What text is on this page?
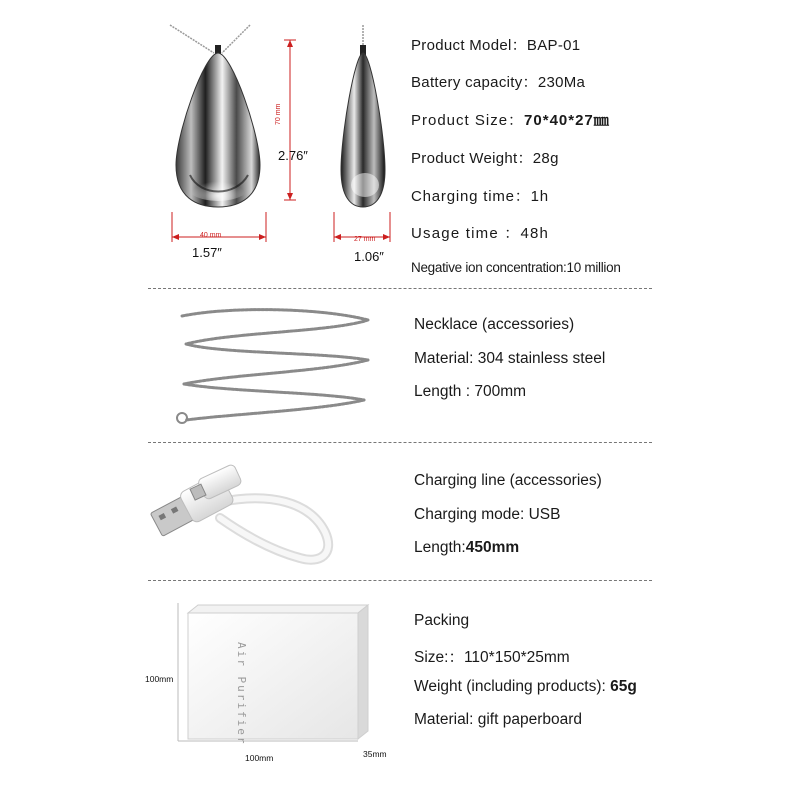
70 mm
2.76″
40 mm
1.57″
27 mm
1.06″
Product Model：BAP-01
Battery capacity：230Ma
Product Size：70*40*27㎜
Product Weight：28g
Charging time：1h
Usage time ：48h
Negative ion concentration:10 million
Necklace (accessories)
Material: 304 stainless steel
Length : 700mm
Charging line (accessories)
Charging mode: USB
Length:450mm
Air Purifier
100mm
100mm	35mm
Packing
Size:：110*150*25mm
Weight (including products): 65g
Material: gift paperboard
